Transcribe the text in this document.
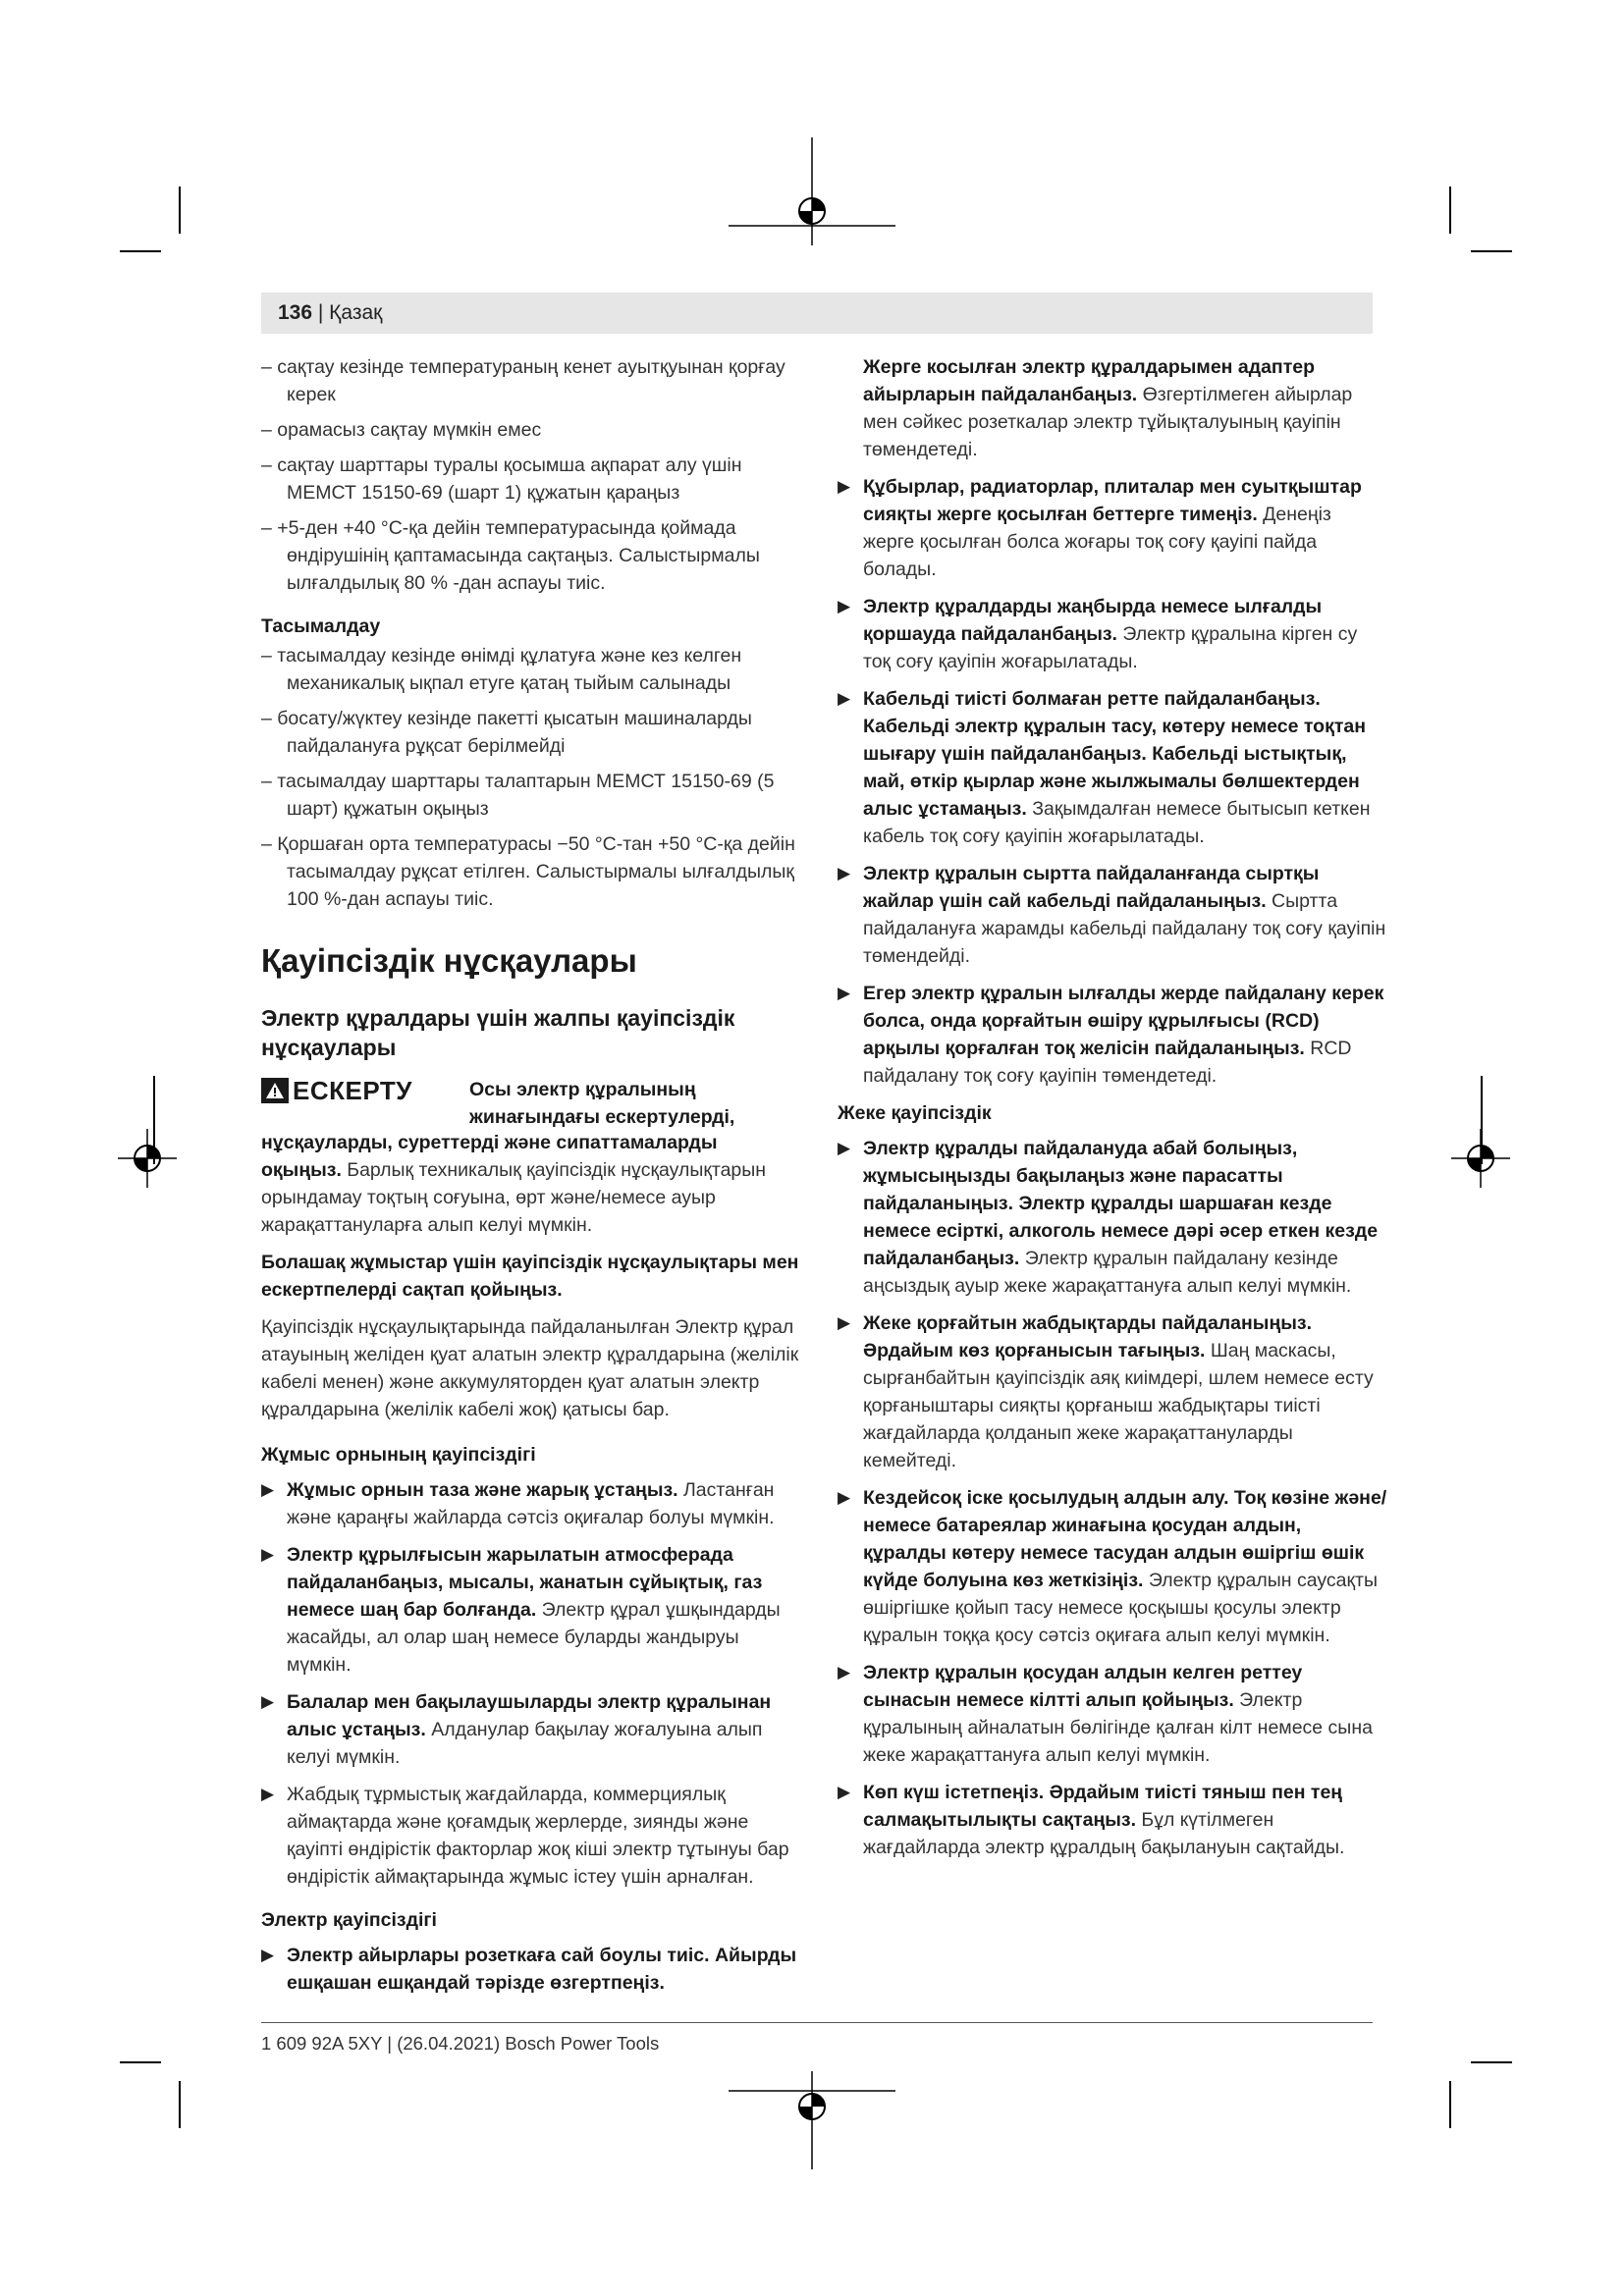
136 | Қазақ

– сақтау кезінде температураның кенет ауытқуынан қорғау керек

– орамасыз сақтау мүмкін емес

– сақтау шарттары туралы қосымша ақпарат алу үшін МЕМСТ 15150-69 (шарт 1) құжатын қараңыз

– +5-ден +40 °C-қа дейін температурасында қоймада өндірушінің қаптамасында сақтаңыз. Салыстырмалы ылғалдылық 80 % -дан аспауы тиіс.

Тасымалдау

– тасымалдау кезінде өнімді құлатуға және кез келген механикалық ықпал етуге қатаң тыйым салынады

– босату/жүктеу кезінде пакетті қысатын машиналарды пайдалануға рұқсат берілмейді

– тасымалдау шарттары талаптарын МЕМСТ 15150-69 (5 шарт) құжатын оқыңыз

– Қоршаған орта температурасы −50 °C-тан +50 °C-қа дейін тасымалдау рұқсат етілген. Салыстырмалы ылғалдылық 100 %-дан аспауы тиіс.

Қауіпсіздік нұсқаулары

Электр құралдары үшін жалпы қауіпсіздік нұсқаулары

ЕСКЕРТУ	Осы электр құралының жинағындағы ескертулерді,

нұсқауларды, суреттерді және сипаттамаларды оқыңыз. Барлық техникалық қауіпсіздік нұсқаулықтарын орындамау тоқтың соғуына, өрт және/немесе ауыр жарақаттануларға алып келуі мүмкін.

Болашақ жұмыстар үшін қауіпсіздік нұсқаулықтары мен ескертпелерді сақтап қойыңыз.

Қауіпсіздік нұсқаулықтарында пайдаланылған Электр құрал атауының желіден қуат алатын электр құралдарына (желілік кабелі менен) және аккумуляторден қуат алатын электр құралдарына (желілік кабелі жоқ) қатысы бар.

Жұмыс орнының қауіпсіздігі

▶ Жұмыс орнын таза және жарық ұстаңыз. Ластанған және қараңғы жайларда сәтсіз оқиғалар болуы мүмкін.
▶ Электр құрылғысын жарылатын атмосферада пайдаланбаңыз, мысалы, жанатын сұйықтық, газ немесе шаң бар болғанда. Электр құрал ұшқындарды жасайды, ал олар шаң немесе буларды жандыруы мүмкін.
▶ Балалар мен бақылаушыларды электр құралынан алыс ұстаңыз. Алданулар бақылау жоғалуына алып келуі мүмкін.
▶ Жабдық тұрмыстық жағдайларда, коммерциялық аймақтарда және қоғамдық жерлерде, зиянды және қауіпті өндірістік факторлар жоқ кіші электр тұтынуы бар өндірістік аймақтарында жұмыс істеу үшін арналған.

Электр қауіпсіздігі

▶ Электр айырлары розеткаға сай боулы тиіс. Айырды ешқашан ешқандай тәрізде өзгертпеңіз.

Жерге косылған электр құралдарымен адаптер айырларын пайдаланбаңыз. Өзгертілмеген айырлар мен сәйкес розеткалар электр тұйықталуының қауіпін төмендетеді.

▶ Құбырлар, радиаторлар, плиталар мен суытқыштар сияқты жерге қосылған беттерге тимеңіз. Денеңіз жерге қосылған болса жоғары тоқ соғу қауіпі пайда болады.
▶ Электр құралдарды жаңбырда немесе ылғалды қоршауда пайдаланбаңыз. Электр құралына кірген су тоқ соғу қауіпін жоғарылатады.
▶ Кабельді тиісті болмаған ретте пайдаланбаңыз. Кабельді электр құралын тасу, көтеру немесе тоқтан шығару үшін пайдаланбаңыз. Кабельді ыстықтық, май, өткір қырлар және жылжымалы бөлшектерден алыс ұстамаңыз. Зақымдалған немесе бытысып кеткен кабель тоқ соғу қауіпін жоғарылатады.
▶ Электр құралын сыртта пайдаланғанда сыртқы жайлар үшін сай кабельді пайдаланыңыз. Сыртта пайдалануға жарамды кабельді пайдалану тоқ соғу қауіпін төмендейді.
▶ Егер электр құралын ылғалды жерде пайдалану керек болса, онда қорғайтын өшіру құрылғысы (RCD) арқылы қорғалған тоқ желісін пайдаланыңыз. RCD пайдалану тоқ соғу қауіпін төмендетеді.

Жеке қауіпсіздік

▶ Электр құралды пайдалануда абай болыңыз, жұмысыңызды бақылаңыз және парасатты пайдаланыңыз. Электр құралды шаршаған кезде немесе есірткі, алкоголь немесе дәрі әсер еткен кезде пайдаланбаңыз. Электр құралын пайдалану кезінде аңсыздық ауыр жеке жарақаттануға алып келуі мүмкін.
▶ Жеке қорғайтын жабдықтарды пайдаланыңыз. Әрдайым көз қорғанысын тағыңыз. Шаң маскасы, сырғанбайтын қауіпсіздік аяқ киімдері, шлем немесе есту қорғаныштары сияқты қорғаныш жабдықтары тиісті жағдайларда қолданып жеке жарақаттануларды кемейтеді.
▶ Кездейсоқ іске қосылудың алдын алу. Тоқ көзіне және/немесе батареялар жинағына қосудан алдын, құралды көтеру немесе тасудан алдын өшіргіш өшік күйде болуына көз жеткізіңіз. Электр құралын саусақты өшіргішке қойып тасу немесе қосқышы қосулы электр құралын тоққа қосу сәтсіз оқиғаға алып келуі мүмкін.
▶ Электр құралын қосудан алдын келген реттеу сынасын немесе кілтті алып қойыңыз. Электр құралының айналатын бөлігінде қалған кілт немесе сына жеке жарақаттануға алып келуі мүмкін.
▶ Көп күш істетпеңіз. Әрдайым тиісті тяныш пен тең салмақытылықты сақтаңыз. Бұл күтілмеген жағдайларда электр құралдың бақылануын сақтайды.
1 609 92A 5XY | (26.04.2021) Bosch Power Tools
